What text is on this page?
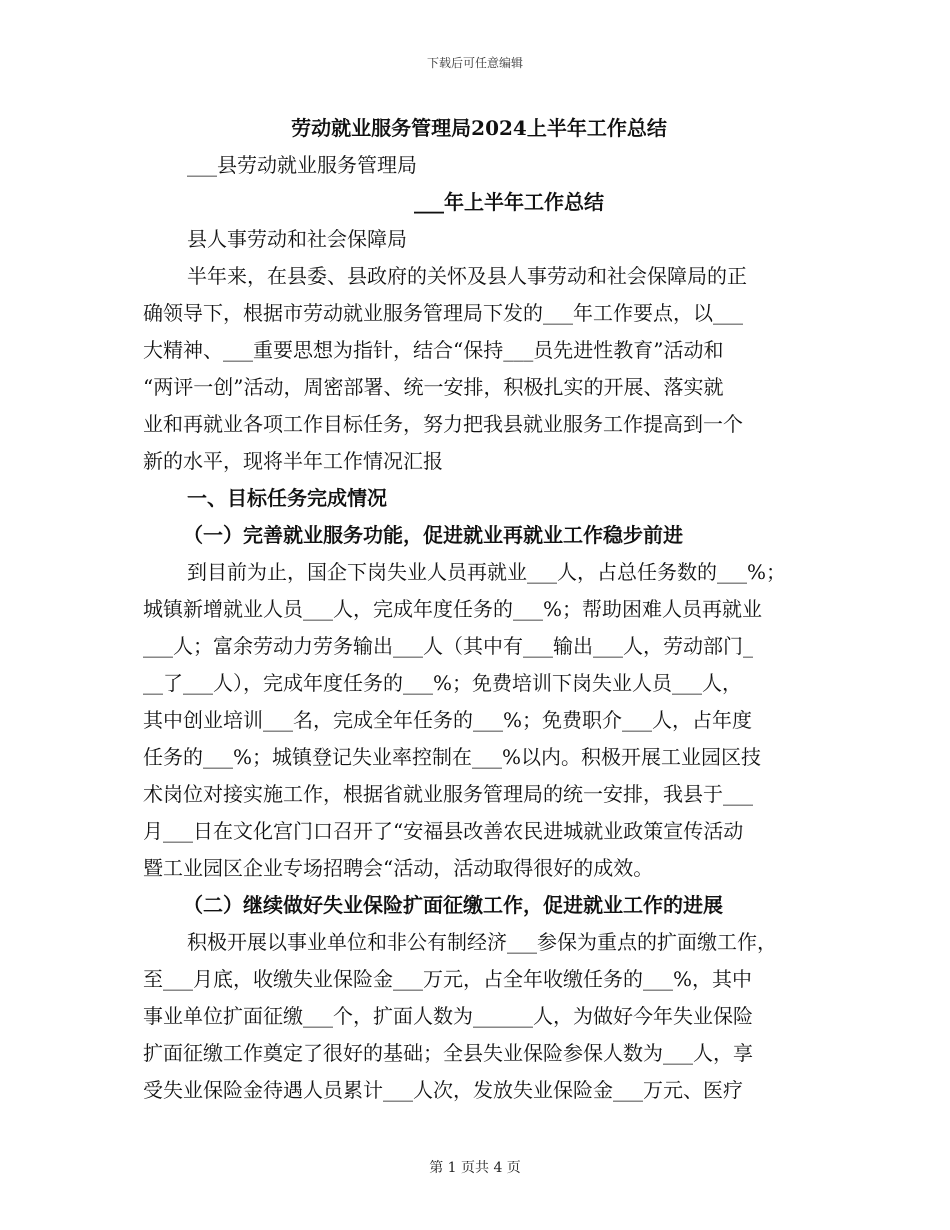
下载后可任意编辑
劳动就业服务管理局2024上半年工作总结
___县劳动就业服务管理局
___年上半年工作总结
县人事劳动和社会保障局
半年来，在县委、县政府的关怀及县人事劳动和社会保障局的正
确领导下，根据市劳动就业服务管理局下发的___年工作要点，以___
大精神、___重要思想为指针，结合“保持___员先进性教育”活动和
“两评一创”活动，周密部署、统一安排，积极扎实的开展、落实就
业和再就业各项工作目标任务，努力把我县就业服务工作提高到一个
新的水平，现将半年工作情况汇报
一、目标任务完成情况
（一）完善就业服务功能，促进就业再就业工作稳步前进
到目前为止，国企下岗失业人员再就业___人，占总任务数的___%；
城镇新增就业人员___人，完成年度任务的___%；帮助困难人员再就业
___人；富余劳动力劳务输出___人（其中有___输出___人，劳动部门_
__了___人），完成年度任务的___%；免费培训下岗失业人员___人，
其中创业培训___名，完成全年任务的___%；免费职介___人，占年度
任务的___%；城镇登记失业率控制在___%以内。积极开展工业园区技
术岗位对接实施工作，根据省就业服务管理局的统一安排，我县于___
月___日在文化宫门口召开了“安福县改善农民进城就业政策宣传活动
暨工业园区企业专场招聘会“活动，活动取得很好的成效。
（二）继续做好失业保险扩面征缴工作，促进就业工作的进展
积极开展以事业单位和非公有制经济___参保为重点的扩面缴工作，
至___月底，收缴失业保险金___万元，占全年收缴任务的___%，其中
事业单位扩面征缴___个，扩面人数为______人，为做好今年失业保险
扩面征缴工作奠定了很好的基础；全县失业保险参保人数为___人，享
受失业保险金待遇人员累计___人次，发放失业保险金___万元、医疗
第 1 页共 4 页
